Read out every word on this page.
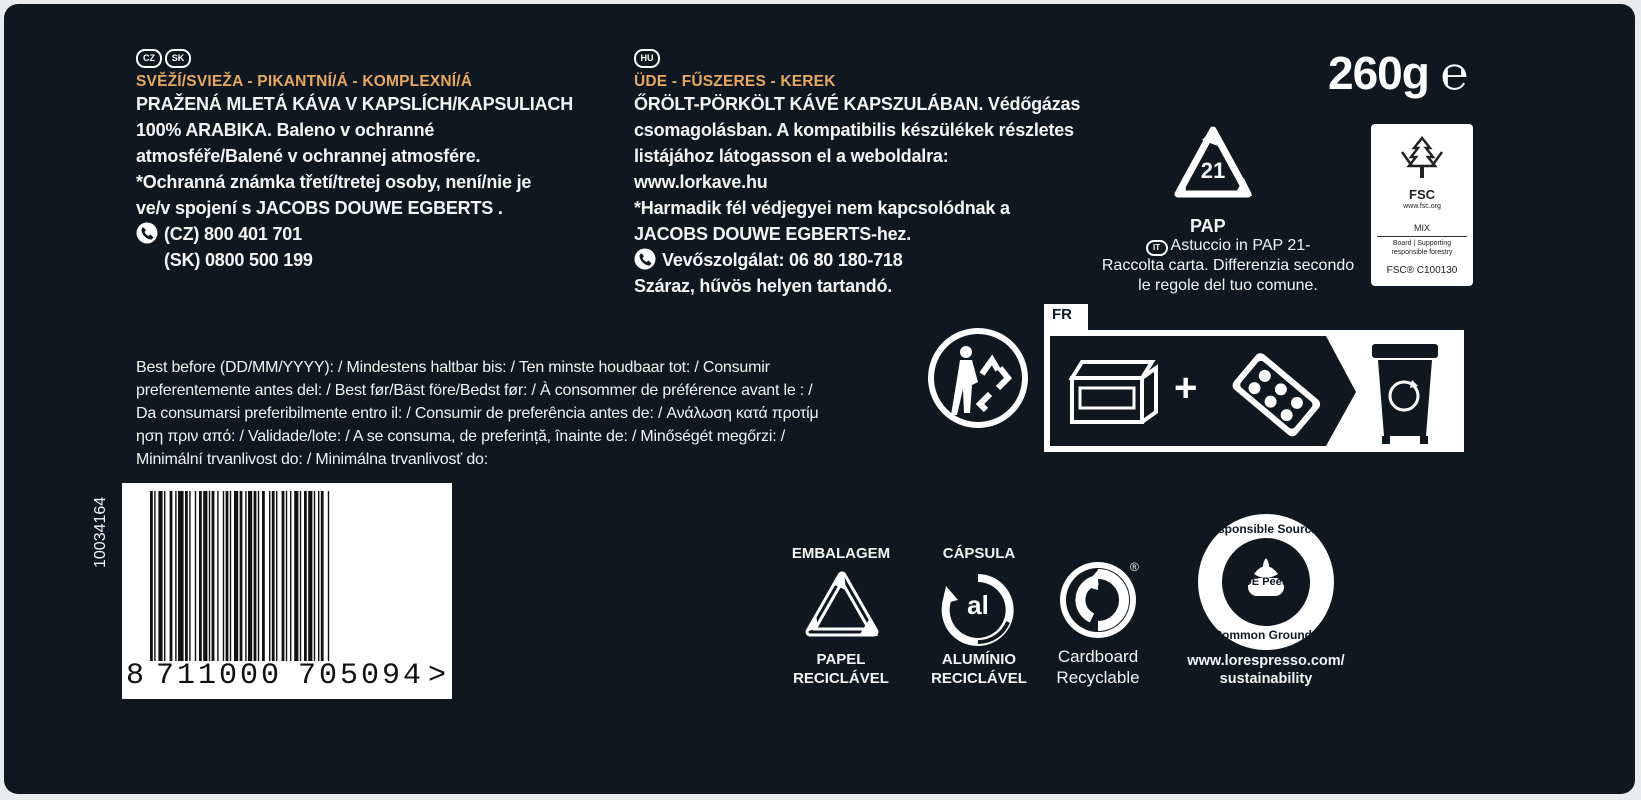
CZ SK
SVĚŽÍ/SVIEŽA - PIKANTNÍ/Á - KOMPLEXNÍ/Á
PRAŽENÁ MLETÁ KÁVA V KAPSLÍCH/KAPSULIACH
100% ARABIKA. Baleno v ochranné
atmosféře/Balené v ochrannej atmosfére.
*Ochranná známka třetí/tretej osoby, není/nie je
ve/v spojení s JACOBS DOUWE EGBERTS .
(CZ) 800 401 701
(SK) 0800 500 199
HU
ÜDE - FŰSZERES - KEREK
ŐRÖLT-PÖRKÖLT KÁVÉ KAPSZULÁBAN. Védőgázas
csomagolásban. A kompatibilis készülékek részletes
listájához látogasson el a weboldalra:
www.lorkave.hu
*Harmadik fél védjegyei nem kapcsolódnak a
JACOBS DOUWE EGBERTS-hez.
Vevőszolgálat: 06 80 180-718
Száraz, hűvös helyen tartandó.
260g ℮
21
PAP
IT Astuccio in PAP 21-
Raccolta carta. Differenzia secondo
le regole del tuo comune.
FSC
www.fsc.org
MIX
Board | Supporting
responsible forestry
FSC® C100130
Best before (DD/MM/YYYY): / Mindestens haltbar bis: / Ten minste houdbaar tot: / Consumir
preferentemente antes del: / Best før/Bäst före/Bedst før: / À consommer de préférence avant le : /
Da consumarsi preferibilmente entro il: / Consumir de preferência antes de: / Ανάλωση κατά προτίμ
ηση πριν από: / Validade/lote: / A se consuma, de preferință, înainte de: / Minőségét megőrzi: /
Minimální trvanlivost do: / Minimálna trvanlivosť do:
FR
+
10034164
8 711000 705094 >
EMBALAGEM
PAPEL
RECICLÁVEL
CÁPSULA
al
ALUMÍNIO
RECICLÁVEL
®
Cardboard
Recyclable
Responsible Sourcing
JDE Peet's
Common Grounds
www.lorespresso.com/
sustainability
